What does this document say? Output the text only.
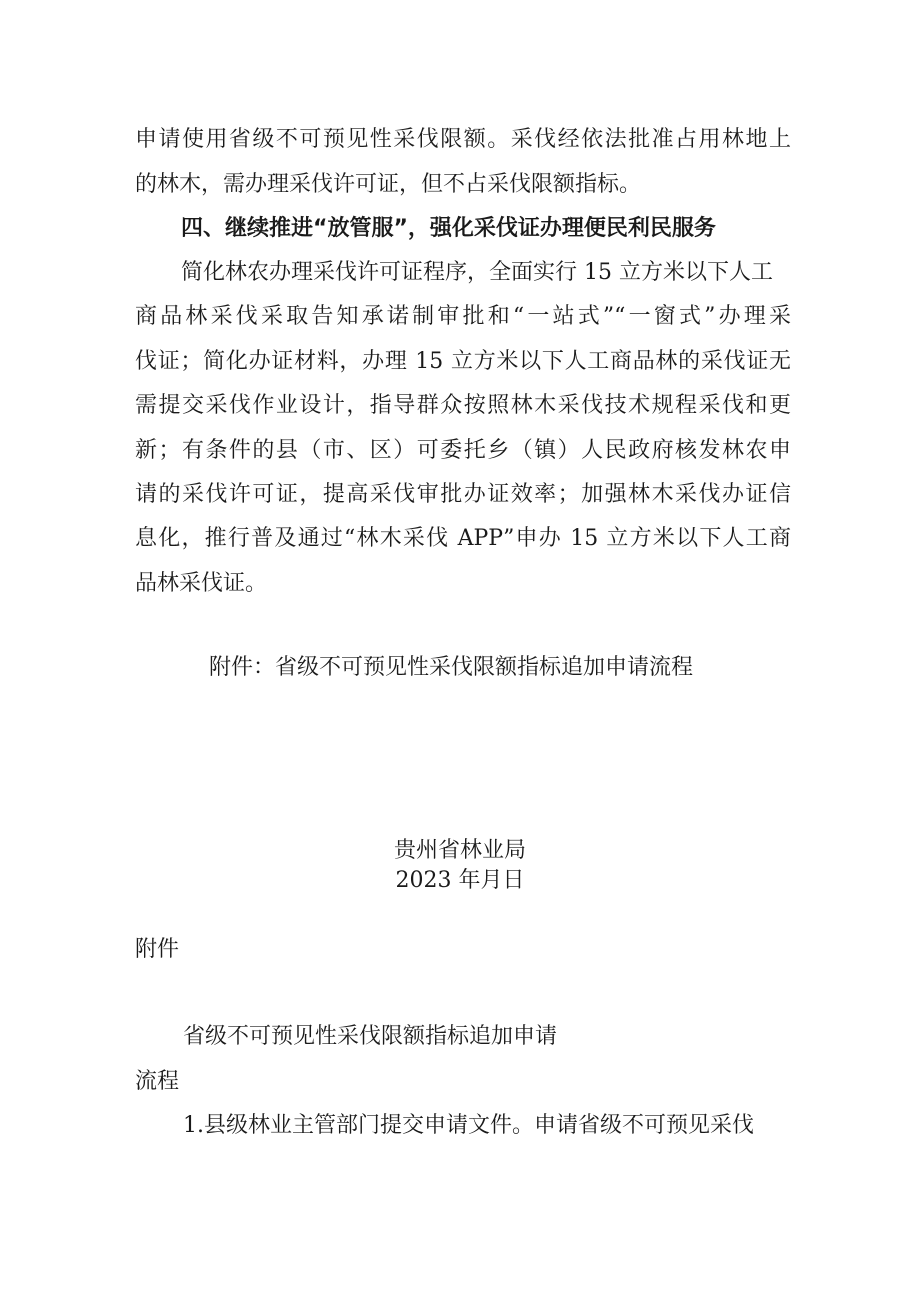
申请使用省级不可预见性采伐限额。采伐经依法批准占用林地上
的林木，需办理采伐许可证，但不占采伐限额指标。
四、继续推进“放管服”，强化采伐证办理便民利民服务
简化林农办理采伐许可证程序，全面实行 15 立方米以下人工
商品林采伐采取告知承诺制审批和“一站式”“一窗式”办理采
伐证；简化办证材料，办理 15 立方米以下人工商品林的采伐证无
需提交采伐作业设计，指导群众按照林木采伐技术规程采伐和更
新；有条件的县（市、区）可委托乡（镇）人民政府核发林农申
请的采伐许可证，提高采伐审批办证效率；加强林木采伐办证信
息化，推行普及通过“林木采伐 APP”申办 15 立方米以下人工商
品林采伐证。
附件：省级不可预见性采伐限额指标追加申请流程
贵州省林业局
2023 年月日
附件
省级不可预见性采伐限额指标追加申请
流程
1.县级林业主管部门提交申请文件。申请省级不可预见采伐
